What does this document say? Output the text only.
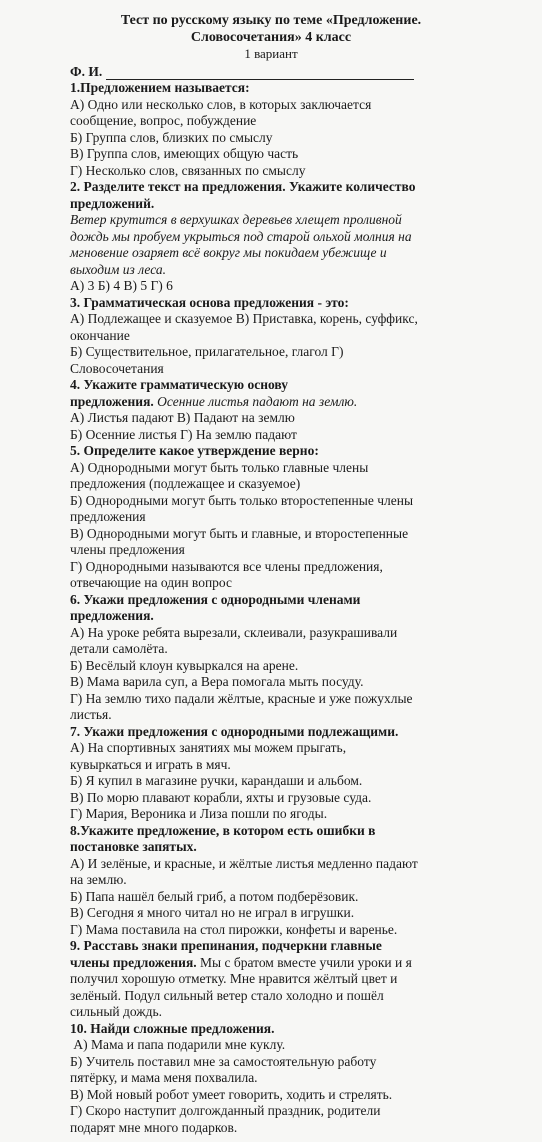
Тест по русскому языку по теме «Предложение.
Словосочетания» 4 класс
1 вариант
Ф. И.
1.Предложением называется:
А) Одно или несколько слов, в которых заключается
сообщение, вопрос, побуждение
Б) Группа слов, близких по смыслу
В) Группа слов, имеющих общую часть
Г) Несколько слов, связанных по смыслу
2. Разделите текст на предложения. Укажите количество
предложений.
Ветер крутится в верхушках деревьев хлещет проливной
дождь мы пробуем укрыться под старой ольхой молния на
мгновение озаряет всё вокруг мы покидаем убежище и
выходим из леса.
А) 3 Б) 4 В) 5 Г) 6
3. Грамматическая основа предложения - это:
А) Подлежащее и сказуемое В) Приставка, корень, суффикс,
окончание
Б) Существительное, прилагательное, глагол Г)
Словосочетания
4. Укажите грамматическую основу
предложения. Осенние листья падают на землю.
А) Листья падают В) Падают на землю
Б) Осенние листья Г) На землю падают
5. Определите какое утверждение верно:
А) Однородными могут быть только главные члены
предложения (подлежащее и сказуемое)
Б) Однородными могут быть только второстепенные члены
предложения
В) Однородными могут быть и главные, и второстепенные
члены предложения
Г) Однородными называются все члены предложения,
отвечающие на один вопрос
6. Укажи предложения с однородными членами
предложения.
А) На уроке ребята вырезали, склеивали, разукрашивали
детали самолёта.
Б) Весёлый клоун кувыркался на арене.
В) Мама варила суп, а Вера помогала мыть посуду.
Г) На землю тихо падали жёлтые, красные и уже пожухлые
листья.
7. Укажи предложения с однородными подлежащими.
А) На спортивных занятиях мы можем прыгать,
кувыркаться и играть в мяч.
Б) Я купил в магазине ручки, карандаши и альбом.
В) По морю плавают корабли, яхты и грузовые суда.
Г) Мария, Вероника и Лиза пошли по ягоды.
8.Укажите предложение, в котором есть ошибки в
постановке запятых.
А) И зелёные, и красные, и жёлтые листья медленно падают
на землю.
Б) Папа нашёл белый гриб, а потом подберёзовик.
В) Сегодня я много читал но не играл в игрушки.
Г) Мама поставила на стол пирожки, конфеты и варенье.
9. Расставь знаки препинания, подчеркни главные
члены предложения. Мы с братом вместе учили уроки и я
получил хорошую отметку. Мне нравится жёлтый цвет и
зелёный. Подул сильный ветер стало холодно и пошёл
сильный дождь.
10. Найди сложные предложения.
А) Мама и папа подарили мне куклу.
Б) Учитель поставил мне за самостоятельную работу
пятёрку, и мама меня похвалила.
В) Мой новый робот умеет говорить, ходить и стрелять.
Г) Скоро наступит долгожданный праздник, родители
подарят мне много подарков.
